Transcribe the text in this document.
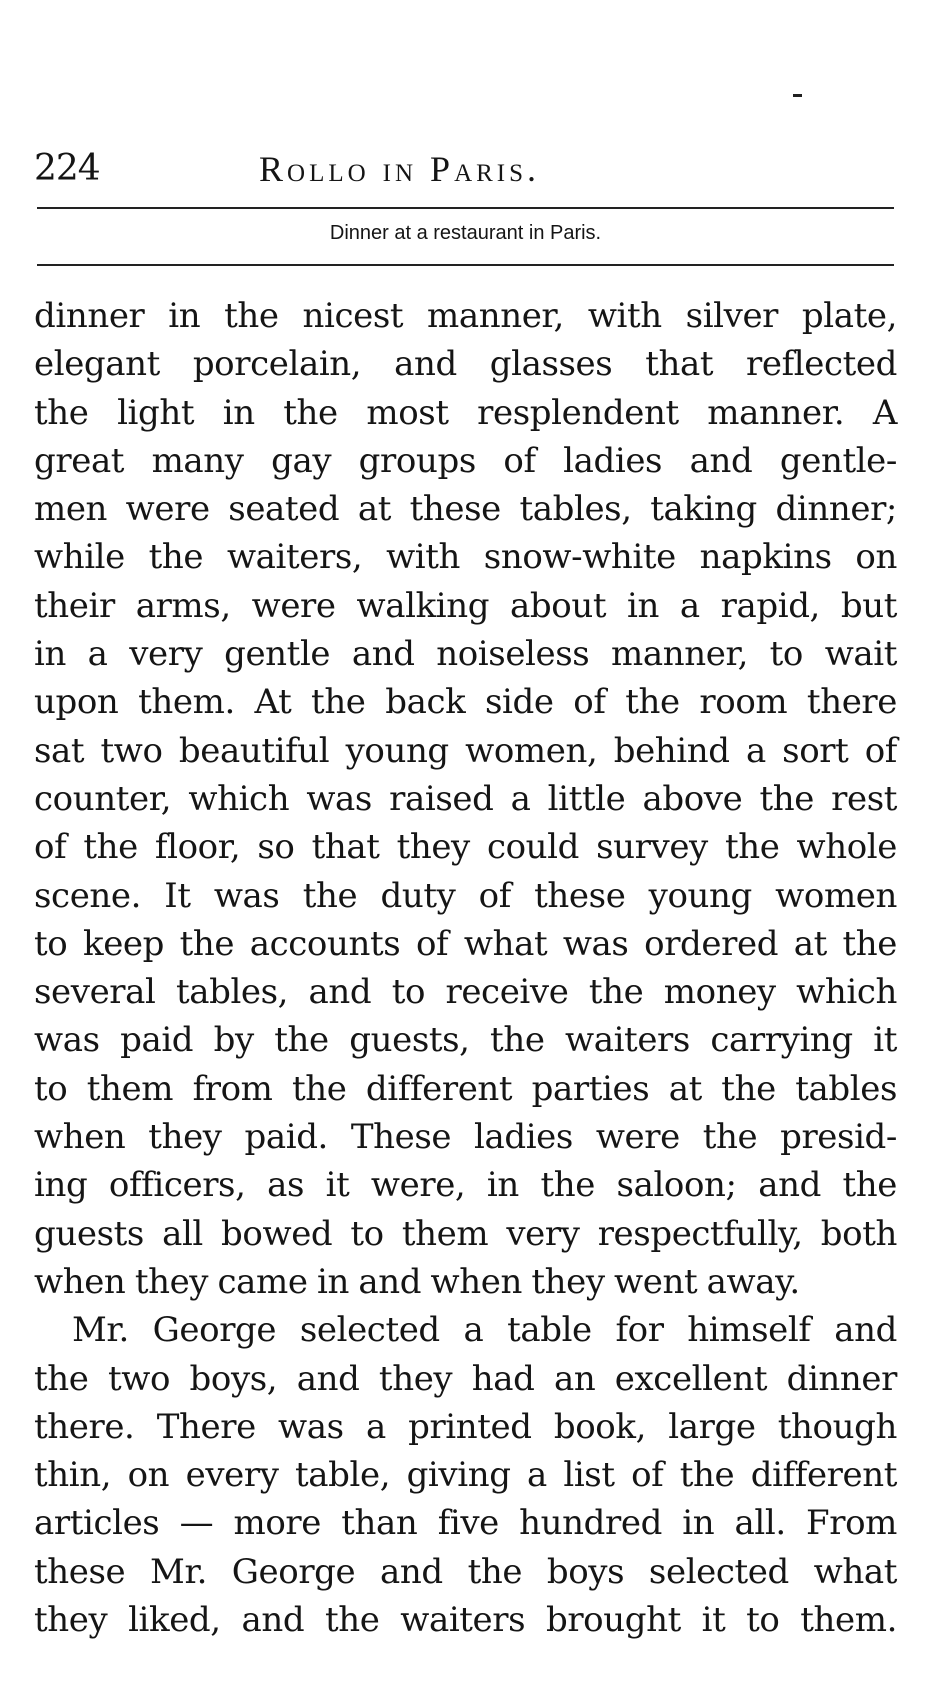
224	Rollo in Paris.
Dinner at a restaurant in Paris.
dinner in the nicest manner, with silver plate,
elegant porcelain, and glasses that reflected
the light in the most resplendent manner. A
great many gay groups of ladies and gentle-
men were seated at these tables, taking dinner;
while the waiters, with snow-white napkins on
their arms, were walking about in a rapid, but
in a very gentle and noiseless manner, to wait
upon them. At the back side of the room there
sat two beautiful young women, behind a sort of
counter, which was raised a little above the rest
of the floor, so that they could survey the whole
scene. It was the duty of these young women
to keep the accounts of what was ordered at the
several tables, and to receive the money which
was paid by the guests, the waiters carrying it
to them from the different parties at the tables
when they paid. These ladies were the presid-
ing officers, as it were, in the saloon; and the
guests all bowed to them very respectfully, both
when they came in and when they went away.
Mr. George selected a table for himself and
the two boys, and they had an excellent dinner
there. There was a printed book, large though
thin, on every table, giving a list of the different
articles — more than five hundred in all. From
these Mr. George and the boys selected what
they liked, and the waiters brought it to them.
